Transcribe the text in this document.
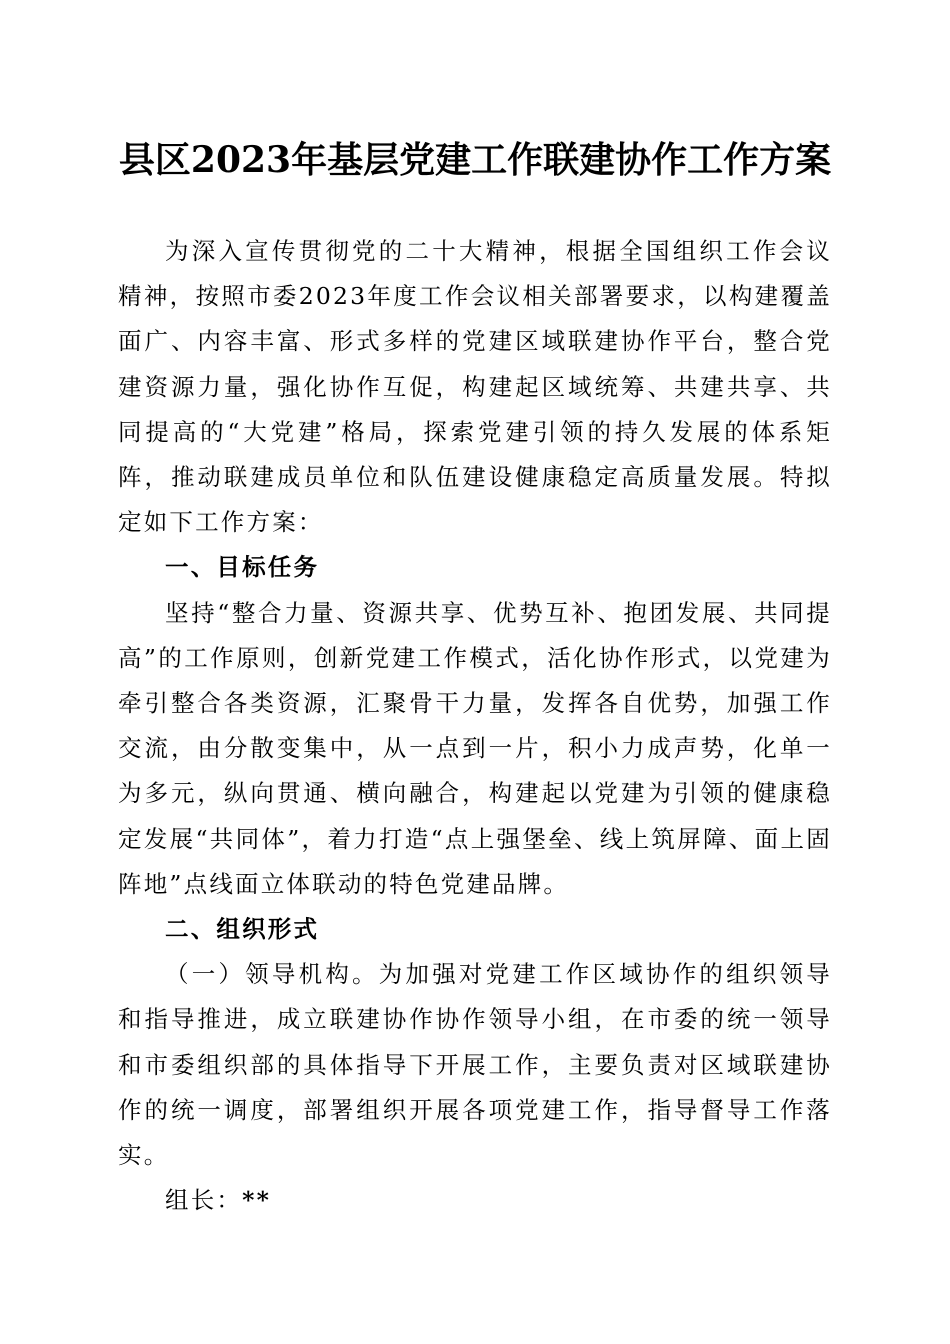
县区2023年基层党建工作联建协作工作方案

为深入宣传贯彻党的二十大精神，根据全国组织工作会议精神，按照市委2023年度工作会议相关部署要求，以构建覆盖面广、内容丰富、形式多样的党建区域联建协作平台，整合党建资源力量，强化协作互促，构建起区域统筹、共建共享、共同提高的“大党建”格局，探索党建引领的持久发展的体系矩阵，推动联建成员单位和队伍建设健康稳定高质量发展。特拟定如下工作方案：

一、目标任务

坚持“整合力量、资源共享、优势互补、抱团发展、共同提高”的工作原则，创新党建工作模式，活化协作形式，以党建为牵引整合各类资源，汇聚骨干力量，发挥各自优势，加强工作交流，由分散变集中，从一点到一片，积小力成声势，化单一为多元，纵向贯通、横向融合，构建起以党建为引领的健康稳定发展“共同体”，着力打造“点上强堡垒、线上筑屏障、面上固阵地”点线面立体联动的特色党建品牌。

二、组织形式

（一）领导机构。为加强对党建工作区域协作的组织领导和指导推进，成立联建协作协作领导小组，在市委的统一领导和市委组织部的具体指导下开展工作，主要负责对区域联建协作的统一调度，部署组织开展各项党建工作，指导督导工作落实。

组长：**
